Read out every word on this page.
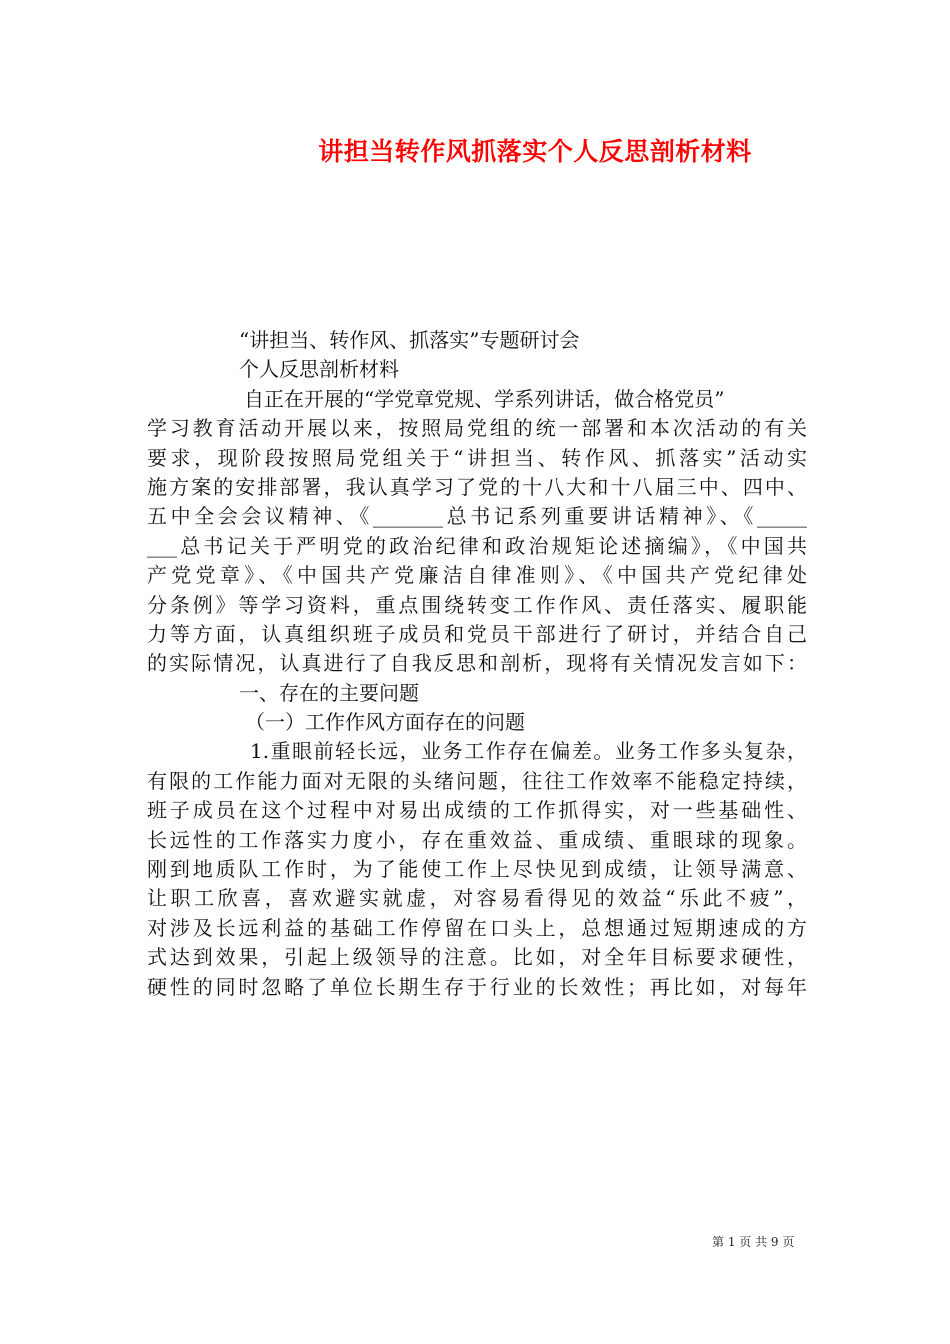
讲担当转作风抓落实个人反思剖析材料
“讲担当、转作风、抓落实”专题研讨会
个人反思剖析材料
自正在开展的“学党章党规、学系列讲话，做合格党员”
学习教育活动开展以来，按照局党组的统一部署和本次活动的有关
要求，现阶段按照局党组关于“讲担当、转作风、抓落实”活动实
施方案的安排部署，我认真学习了党的十八大和十八届三中、四中、
五中全会会议精神、《_______总书记系列重要讲话精神》、《_____
___总书记关于严明党的政治纪律和政治规矩论述摘编》，《中国共
产党党章》、《中国共产党廉洁自律准则》、《中国共产党纪律处
分条例》等学习资料，重点围绕转变工作作风、责任落实、履职能
力等方面，认真组织班子成员和党员干部进行了研讨，并结合自己
的实际情况，认真进行了自我反思和剖析，现将有关情况发言如下：
一、存在的主要问题
（一）工作作风方面存在的问题
1.重眼前轻长远，业务工作存在偏差。业务工作多头复杂，
有限的工作能力面对无限的头绪问题，往往工作效率不能稳定持续，
班子成员在这个过程中对易出成绩的工作抓得实，对一些基础性、
长远性的工作落实力度小，存在重效益、重成绩、重眼球的现象。
刚到地质队工作时，为了能使工作上尽快见到成绩，让领导满意、
让职工欣喜，喜欢避实就虚，对容易看得见的效益“乐此不疲”，
对涉及长远利益的基础工作停留在口头上，总想通过短期速成的方
式达到效果，引起上级领导的注意。比如，对全年目标要求硬性，
硬性的同时忽略了单位长期生存于行业的长效性；再比如，对每年
第 1 页 共 9 页
